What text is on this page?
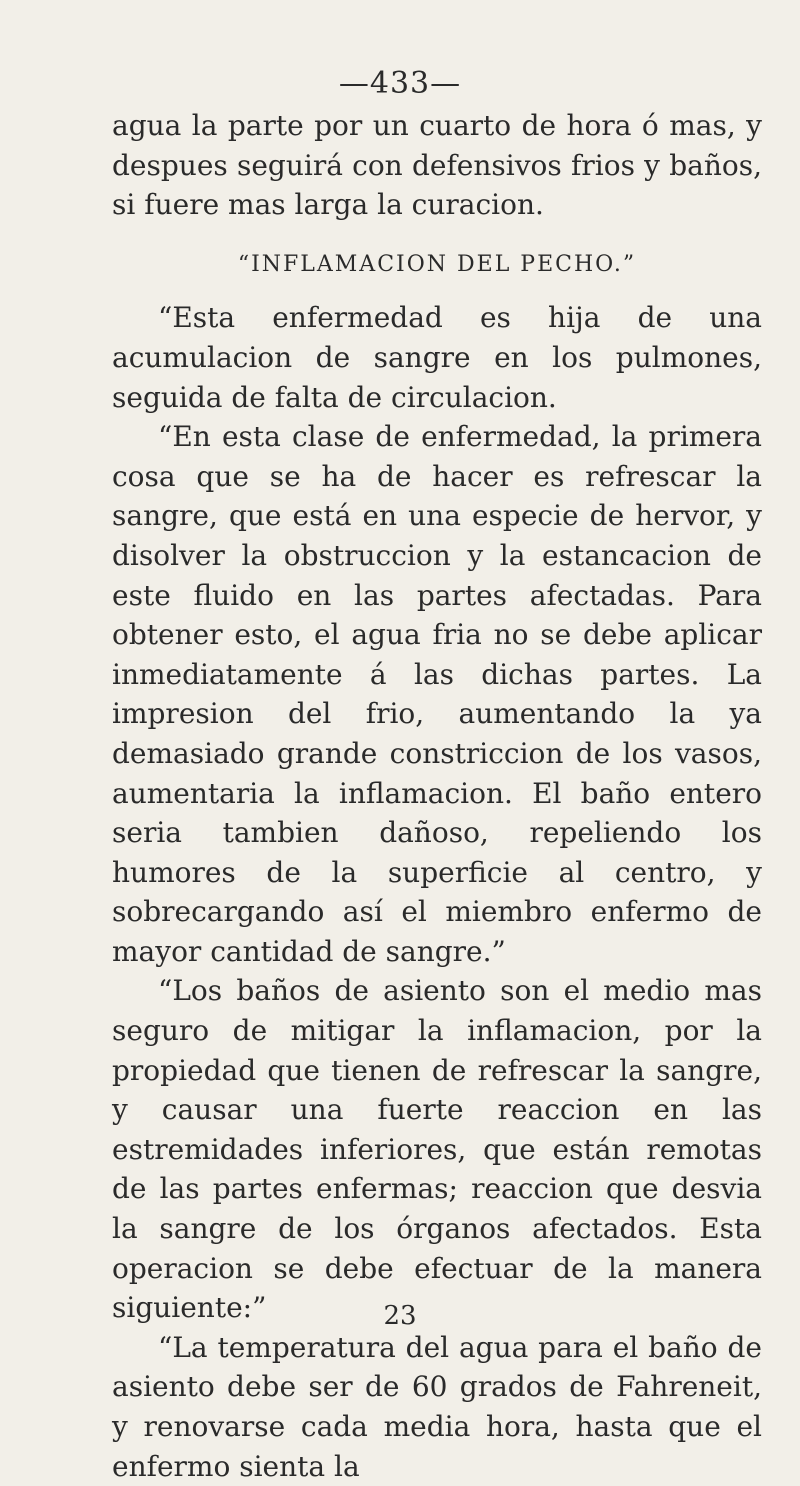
—433—

agua la parte por un cuarto de hora ó mas, y despues seguirá con defensivos frios y baños, si fuere mas larga la curacion.

“INFLAMACION DEL PECHO.”

“Esta enfermedad es hija de una acumulacion de sangre en los pulmones, seguida de falta de circulacion.

“En esta clase de enfermedad, la primera cosa que se ha de hacer es refrescar la sangre, que está en una especie de hervor, y disolver la obstruccion y la estancacion de este fluido en las partes afectadas. Para obtener esto, el agua fria no se debe aplicar inmediatamente á las dichas partes. La impresion del frio, aumentando la ya demasiado grande constriccion de los vasos, aumentaria la inflamacion. El baño entero seria tambien dañoso, repeliendo los humores de la superficie al centro, y sobrecargando así el miembro enfermo de mayor cantidad de sangre.”

“Los baños de asiento son el medio mas seguro de mitigar la inflamacion, por la propiedad que tienen de refrescar la sangre, y causar una fuerte reaccion en las estremidades inferiores, que están remotas de las partes enfermas; reaccion que desvia la sangre de los órganos afectados. Esta operacion se debe efectuar de la manera siguiente:”

“La temperatura del agua para el baño de asiento debe ser de 60 grados de Fahreneit, y renovarse cada media hora, hasta que el enfermo sienta la

23
